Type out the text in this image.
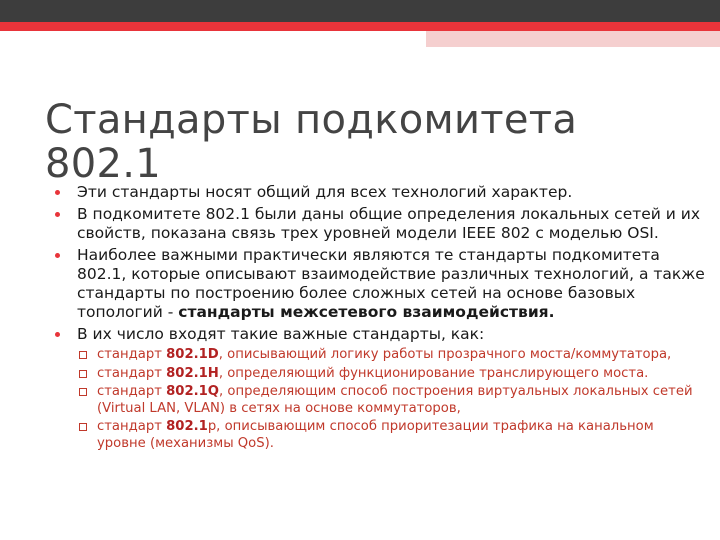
Стандарты подкомитета
802.1
Эти стандарты носят общий для всех технологий характер.
В подкомитете 802.1 были даны общие определения локальных сетей и их свойств, показана связь трех уровней модели IEEE 802 с моделью OSI.
Наиболее важными практически являются те стандарты подкомитета 802.1, которые описывают взаимодействие различных технологий, а также стандарты по построению более сложных сетей на основе базовых топологий - стандарты межсетевого взаимодействия.
В их число входят такие важные стандарты, как:
стандарт 802.1D, описывающий логику работы прозрачного моста/коммутатора,
стандарт 802.1H, определяющий функционирование транслирующего моста.
стандарт 802.1Q, определяющим способ построения виртуальных локальных сетей (Virtual LAN, VLAN) в сетях на основе коммутаторов,
стандарт 802.1p, описывающим способ приоритезации трафика на канальном уровне (механизмы QoS).
